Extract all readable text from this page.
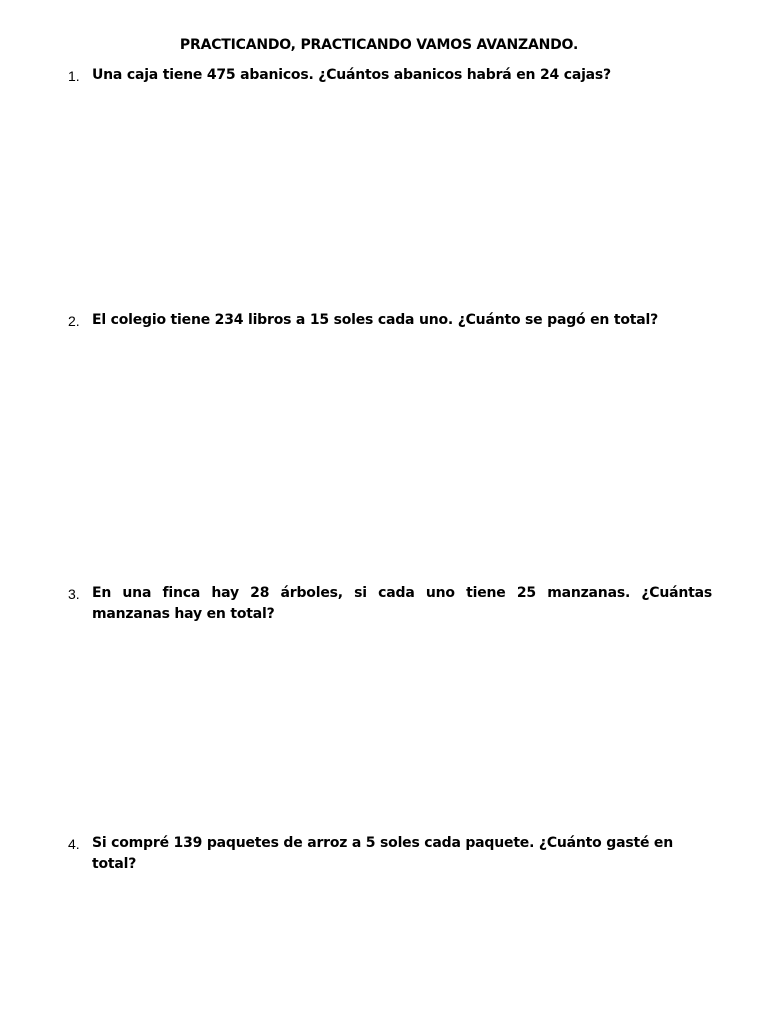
PRACTICANDO, PRACTICANDO VAMOS AVANZANDO.
1. Una caja tiene 475 abanicos. ¿Cuántos abanicos habrá en 24 cajas?
2. El colegio tiene 234 libros a 15 soles cada uno. ¿Cuánto se pagó en total?
3. En una finca hay 28 árboles, si cada uno tiene 25 manzanas. ¿Cuántas manzanas hay en total?
4. Si compré 139 paquetes de arroz a 5 soles cada paquete. ¿Cuánto gasté en total?
